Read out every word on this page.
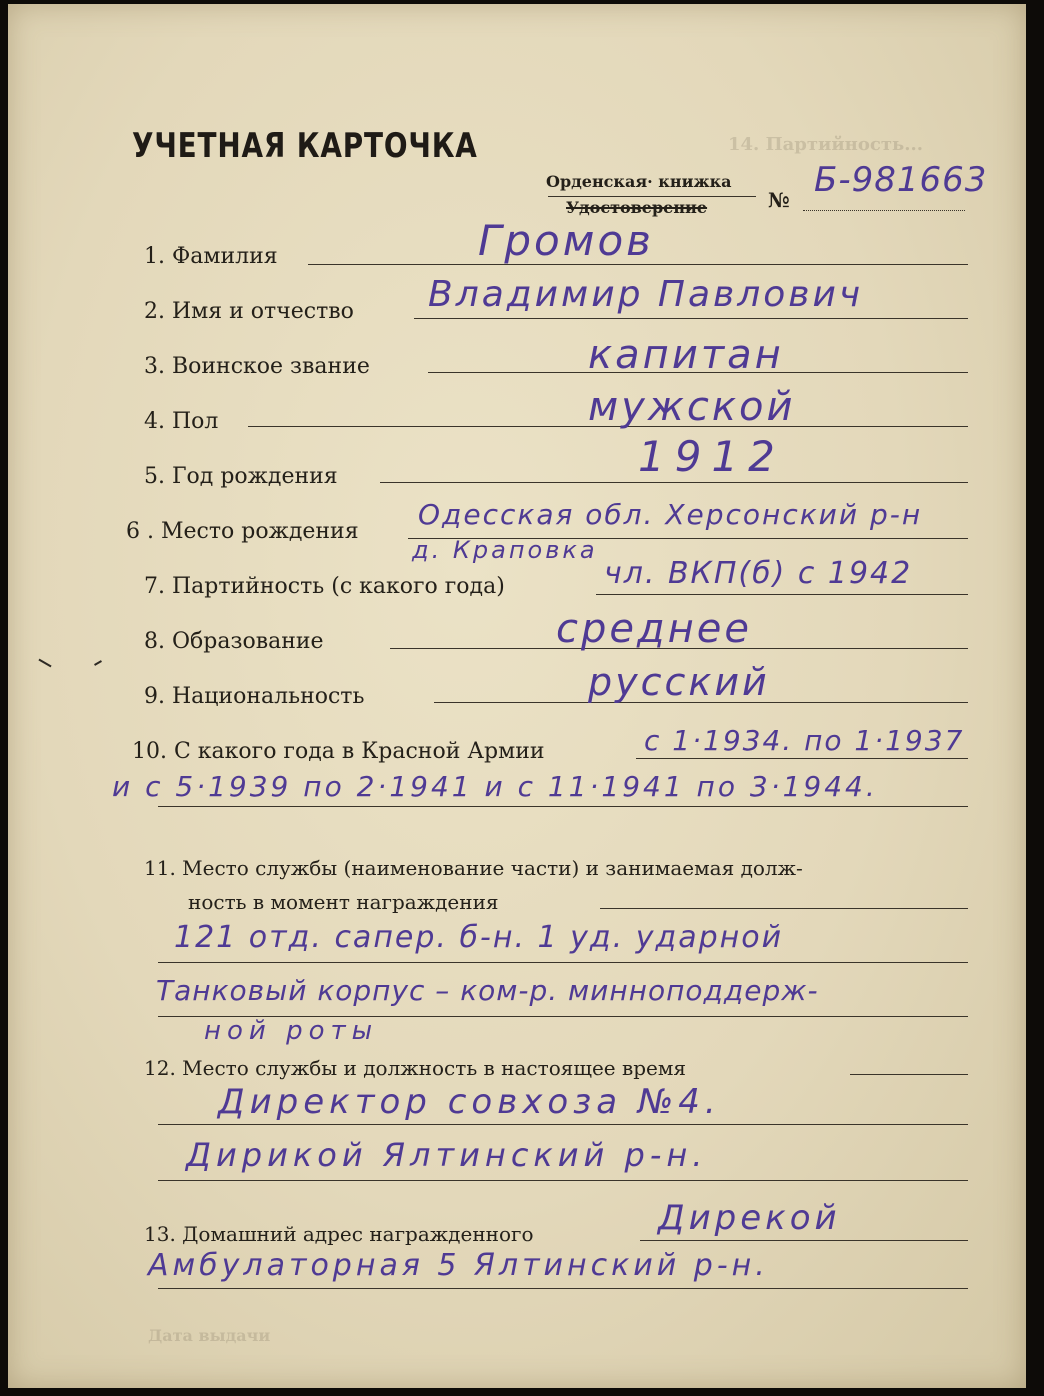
14. Партийность...
УЧЕТНАЯ КАРТОЧКА
Орденская· книжка
Удостоверение	№ Б-981663
1. Фамилия	Громов
2. Имя и отчество Владимир Павлович
3. Воинское звание	капитан
4. Пол	мужской
5. Год рождения	1912
6 . Место рождения
Одесская обл. Херсонский р-н
д. Краповка
7. Партийность (с какого года)	чл. ВКП(б) с 1942
8. Образование	среднее
9. Национальность	русский
10. С какого года в Красной Армии	с 1·1934. по 1·1937
и с 5·1939 по 2·1941 и с 11·1941 по 3·1944.
11. Место службы (наименование части) и занимаемая долж-
ность в момент награждения
121 отд. сапер. б-н. 1 уд. ударной
Танковый корпус – ком-р. минноподдерж-
ной роты
12. Место службы и должность в настоящее время
Директор совхоза №4.
Дирикой Ялтинский р-н.
13. Домашний адрес награжденного	Дирекой
Амбулаторная 5 Ялтинский р-н.
Дата выдачи
